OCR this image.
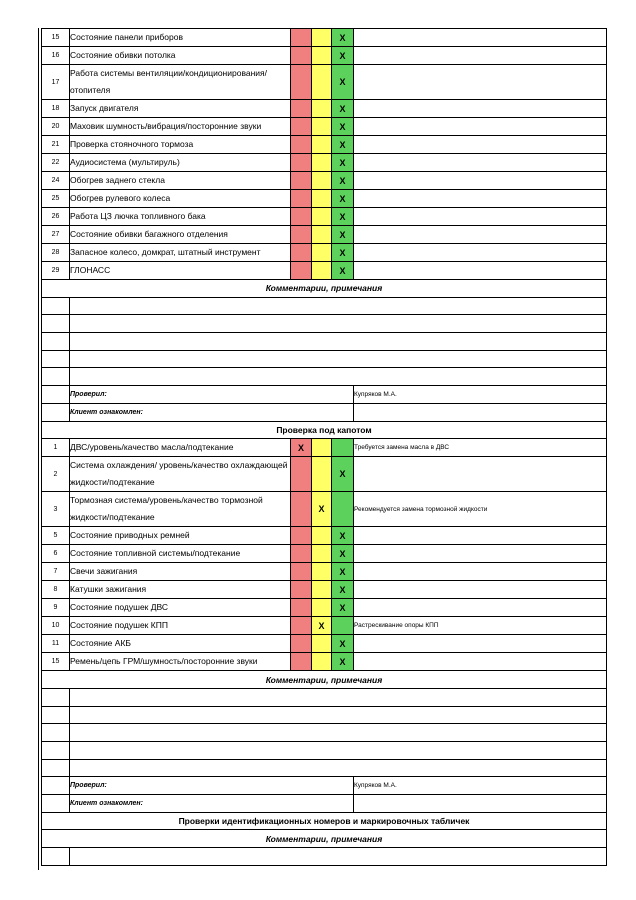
15	Состояние панели приборов			X	
16	Состояние обивки потолка			X	
17	Работа системы вентиляции/кондиционирования/
отопителя			X	
18	Запуск двигателя			X	
20	Маховик шумность/вибрация/посторонние звуки			X	
21	Проверка стояночного тормоза			X	
22	Аудиосистема (мультируль)			X	
24	Обогрев заднего стекла			X	
25	Обогрев рулевого колеса			X	
26	Работа ЦЗ лючка топливного бака			X	
27	Состояние обивки багажного отделения			X	
28	Запасное колесо, домкрат, штатный инструмент			X	
29	ГЛОНАСС			X	
Комментарии, примечания					

	Проверил:				Купряков М.А.
	Клиент ознакомлен:				
Проверка под капотом					
1	ДВС/уровень/качество масла/подтекание	X			Требуется замена масла в ДВС
2	Система охлаждения/ уровень/качество охлаждающей
жидкости/подтекание			X	
3	Тормозная система/уровень/качество тормозной
жидкости/подтекание		X		Рекомендуется замена тормозной жидкости
5	Состояние приводных ремней			X	
6	Состояние топливной системы/подтекание			X	
7	Свечи зажигания			X	
8	Катушки зажигания			X	
9	Состояние подушек ДВС			X	
10	Состояние подушек КПП		X		Растрескивание опоры КПП
11	Состояние АКБ			X	
15	Ремень/цепь ГРМ/шумность/посторонние звуки			X	
Комментарии, примечания					

	Проверил:				Купряков М.А.
	Клиент ознакомлен:				
Проверки идентификационных номеров и маркировочных табличек					
Комментарии, примечания					
